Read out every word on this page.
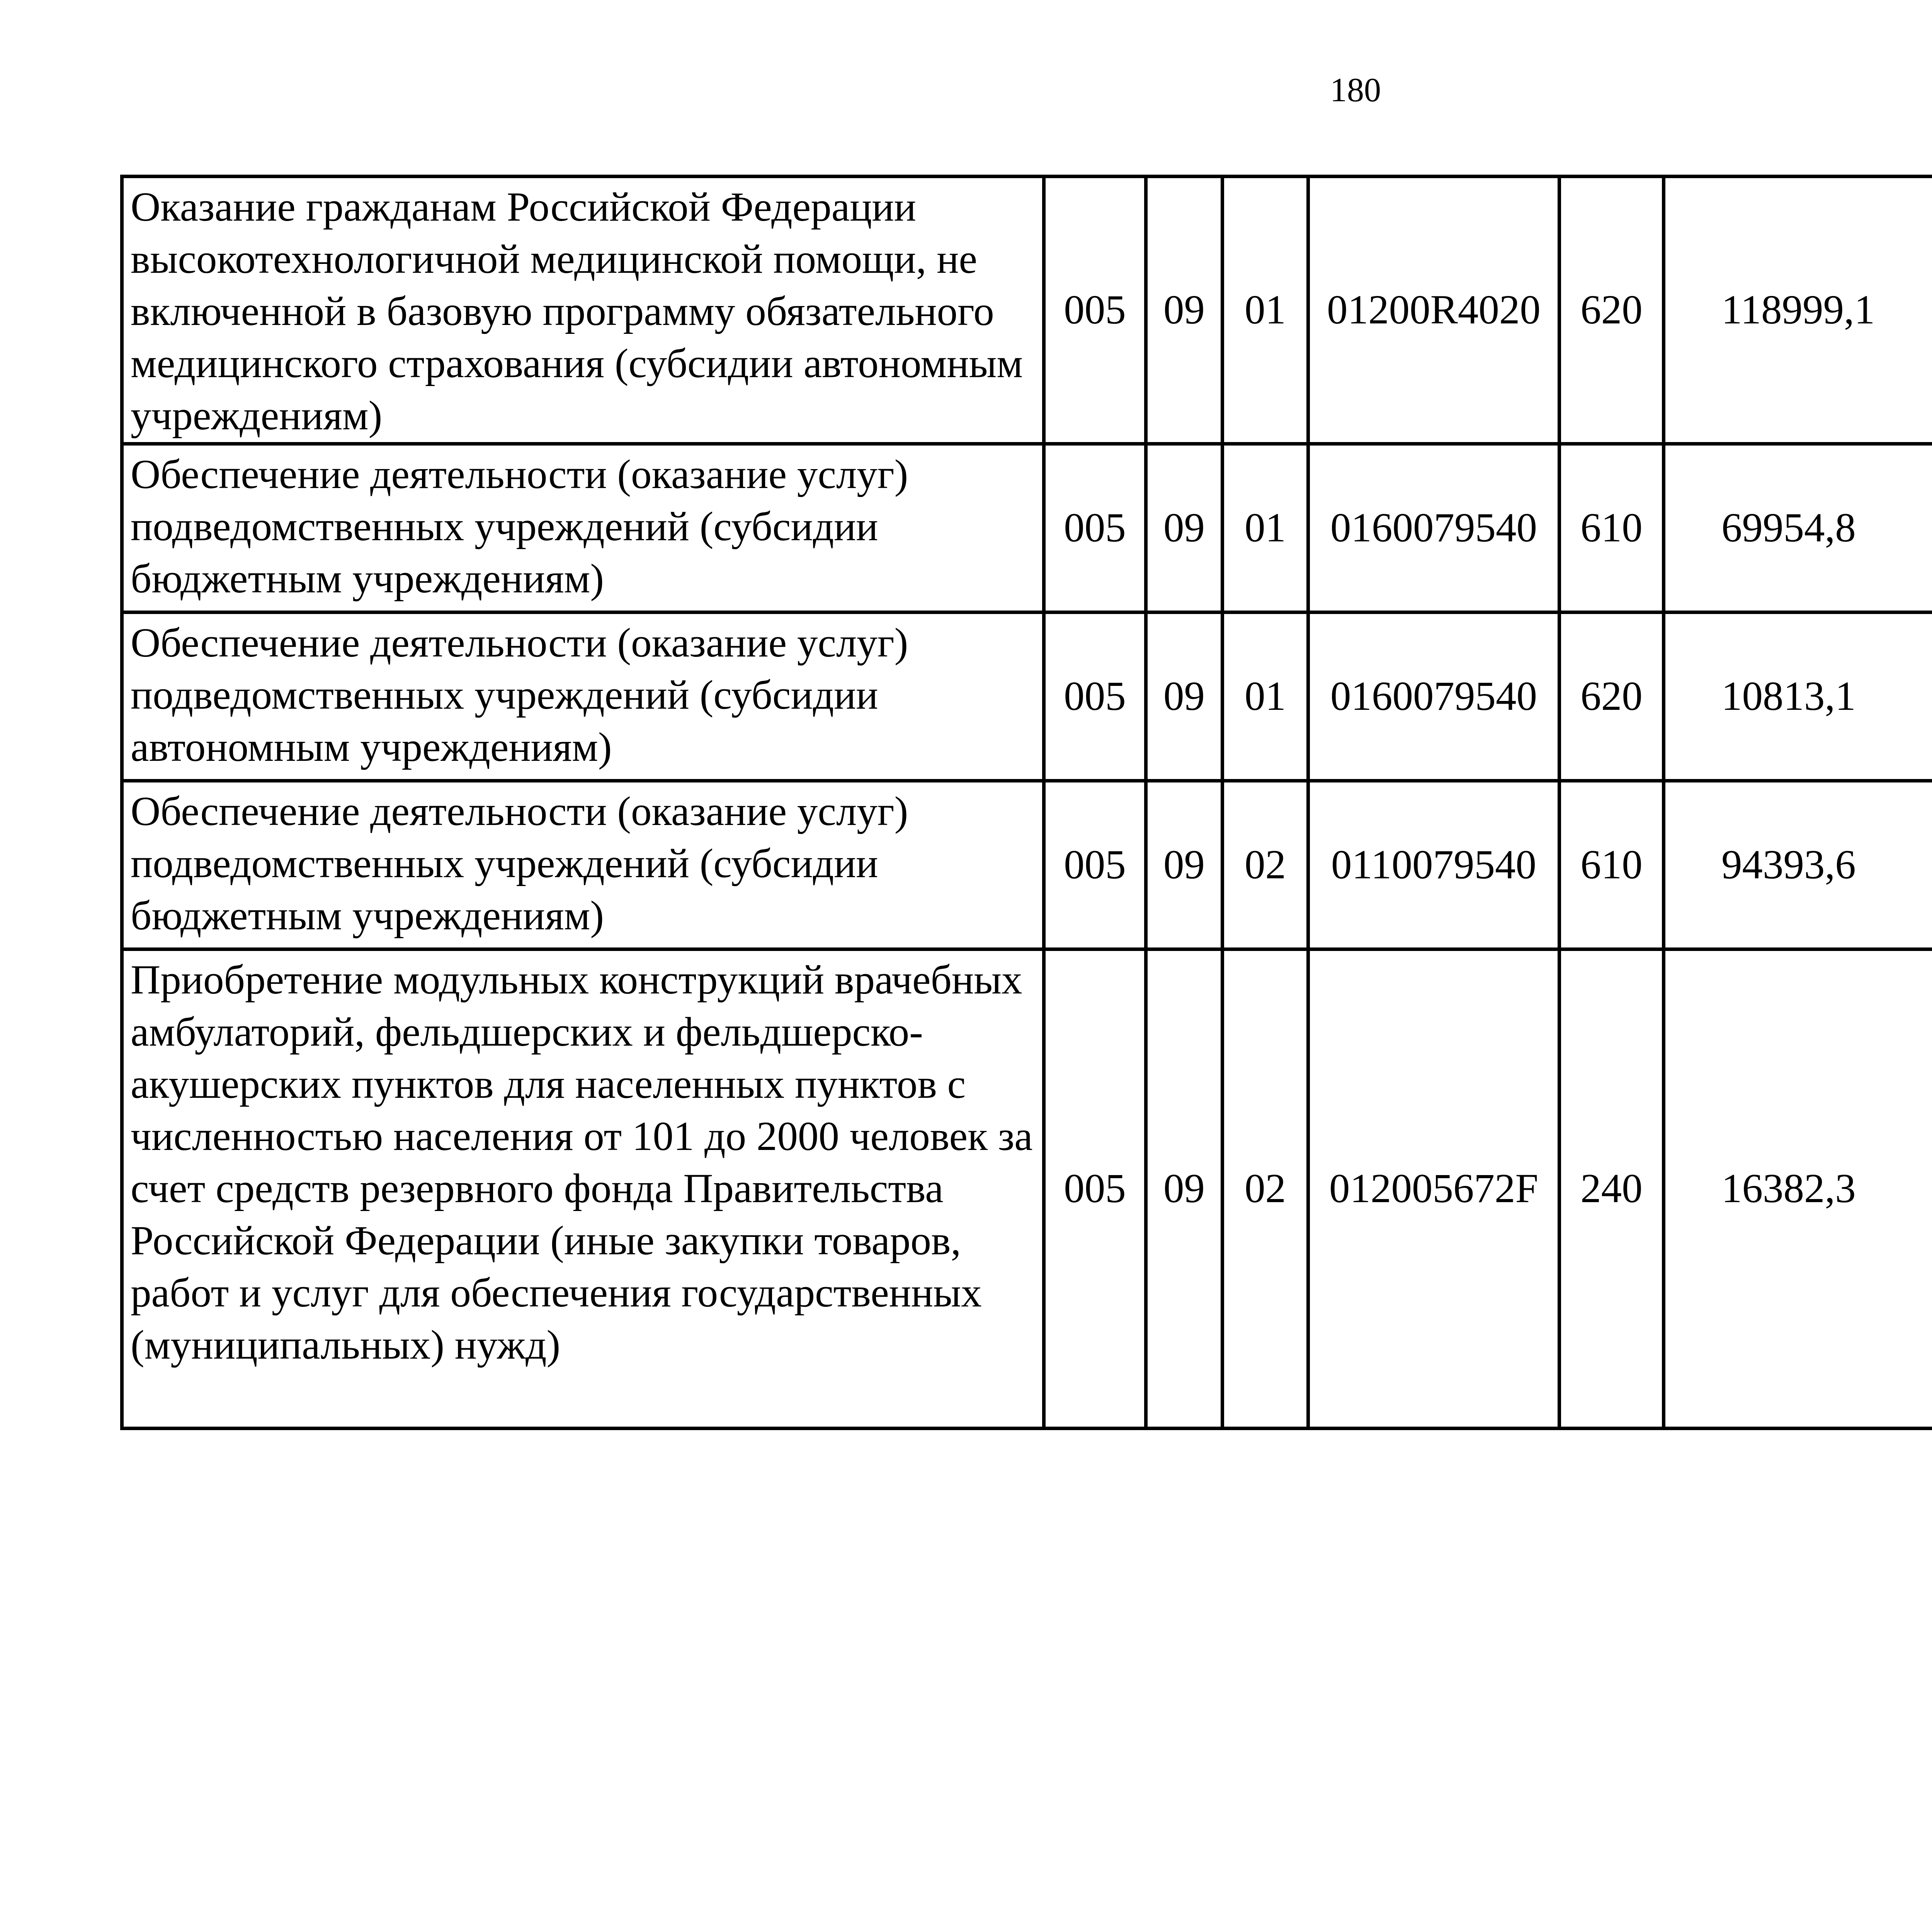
180
Оказание гражданам Российской Федерации высокотехнологичной медицинской помощи, не включенной в базовую программу обязательного медицинского страхования (субсидии автономным учреждениям)	005	09	01	01200R4020	620	118999,1		
Обеспечение деятельности (оказание услуг) подведомственных учреждений (субсидии бюджетным учреждениям)	005	09	01	0160079540	610	69954,8		
Обеспечение деятельности (оказание услуг) подведомственных учреждений (субсидии автономным учреждениям)	005	09	01	0160079540	620	10813,1		
Обеспечение деятельности (оказание услуг) подведомственных учреждений (субсидии бюджетным учреждениям)	005	09	02	0110079540	610	94393,6		
Приобретение модульных конструкций врачебных амбулаторий, фельдшерских и фельдшерско-акушерских пунктов для населенных пунктов с численностью населения от 101 до 2000 человек за счет средств резервного фонда Правительства Российской Федерации (иные закупки товаров, работ и услуг для обеспечения государственных (муниципальных) нужд)	005	09	02	012005672F	240	16382,3		
